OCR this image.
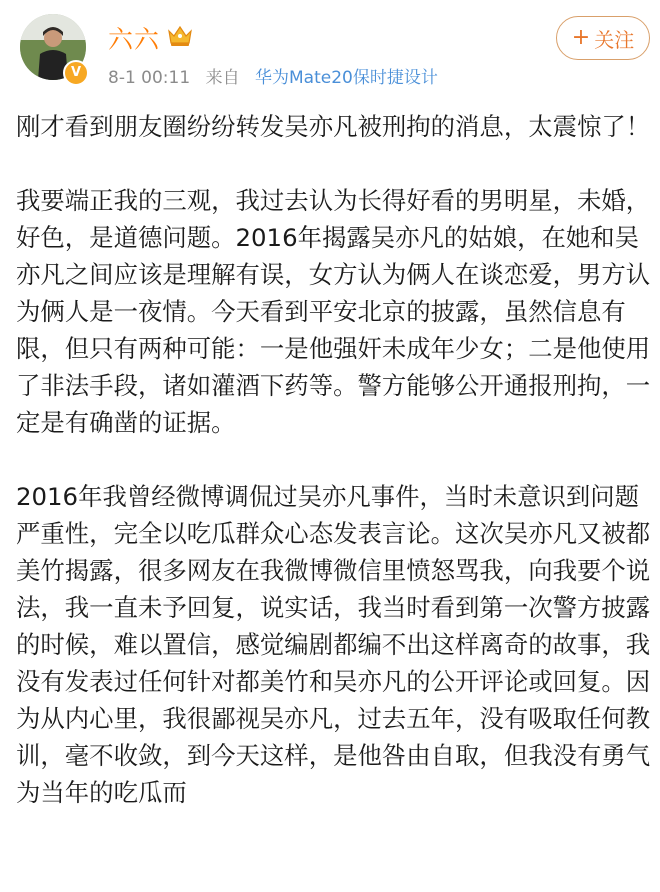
V
六六
8-1 00:11 来自 华为Mate20保时捷设计
+ 关注

刚才看到朋友圈纷纷转发吴亦凡被刑拘的消息，太震惊了！

我要端正我的三观，我过去认为长得好看的男明星，未婚，好色，是道德问题。2016年揭露吴亦凡的姑娘，在她和吴亦凡之间应该是理解有误，女方认为俩人在谈恋爱，男方认为俩人是一夜情。今天看到平安北京的披露，虽然信息有限，但只有两种可能：一是他强奸未成年少女；二是他使用了非法手段，诸如灌酒下药等。警方能够公开通报刑拘，一定是有确凿的证据。

2016年我曾经微博调侃过吴亦凡事件，当时未意识到问题严重性，完全以吃瓜群众心态发表言论。这次吴亦凡又被都美竹揭露，很多网友在我微博微信里愤怒骂我，向我要个说法，我一直未予回复，说实话，我当时看到第一次警方披露的时候，难以置信，感觉编剧都编不出这样离奇的故事，我没有发表过任何针对都美竹和吴亦凡的公开评论或回复。因为从内心里，我很鄙视吴亦凡，过去五年，没有吸取任何教训，毫不收敛，到今天这样，是他咎由自取，但我没有勇气为当年的吃瓜而
